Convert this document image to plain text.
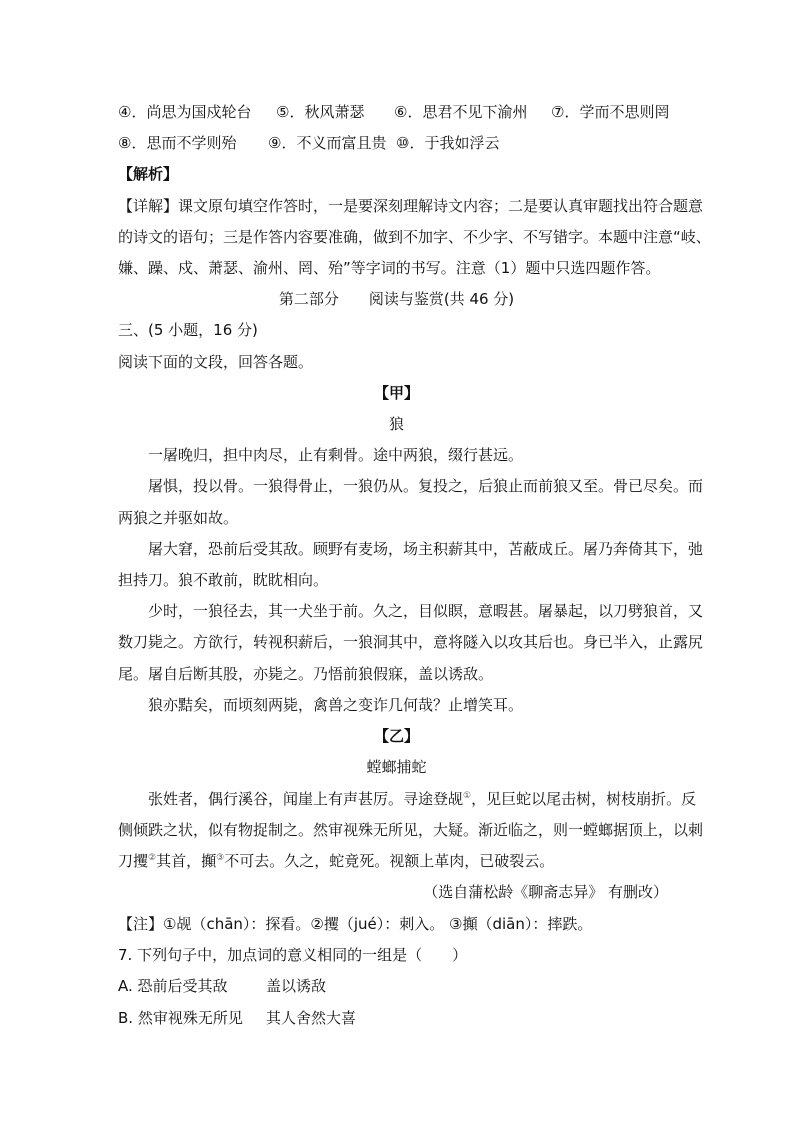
④．尚思为国戍轮台	⑤．秋风萧瑟	⑥．思君不见下渝州	⑦．学而不思则罔
⑧．思而不学则殆	⑨．不义而富且贵 ⑩．于我如浮云
【解析】
【详解】课文原句填空作答时，一是要深刻理解诗文内容；二是要认真审题找出符合题意
的诗文的语句；三是作答内容要准确，做到不加字、不少字、不写错字。本题中注意“岐、
嫌、躁、戍、萧瑟、渝州、罔、殆”等字词的书写。注意（1）题中只选四题作答。
第二部分　　阅读与鉴赏(共 46 分)
三、(5 小题，16 分)
阅读下面的文段，回答各题。
【甲】
狼
一屠晚归，担中肉尽，止有剩骨。途中两狼，缀行甚远。
屠惧，投以骨。一狼得骨止，一狼仍从。复投之，后狼止而前狼又至。骨已尽矣。而
两狼之并驱如故。
屠大窘，恐前后受其敌。顾野有麦场，场主积薪其中，苫蔽成丘。屠乃奔倚其下，弛
担持刀。狼不敢前，眈眈相向。
少时，一狼径去，其一犬坐于前。久之，目似瞑，意暇甚。屠暴起，以刀劈狼首，又
数刀毙之。方欲行，转视积薪后，一狼洞其中，意将隧入以攻其后也。身已半入，止露尻
尾。屠自后断其股，亦毙之。乃悟前狼假寐，盖以诱敌。
狼亦黠矣，而顷刻两毙，禽兽之变诈几何哉？止增笑耳。
【乙】
螳螂捕蛇
张姓者，偶行溪谷，闻崖上有声甚厉。寻途登觇①，见巨蛇以尾击树，树枝崩折。反
侧倾跌之状，似有物捉制之。然审视殊无所见，大疑。渐近临之，则一螳螂据顶上，以刺
刀攫②其首，攧③不可去。久之，蛇竟死。视额上革肉，已破裂云。
（选自蒲松龄《聊斋志异》 有删改）
【注】①觇（chān）：探看。②攫（jué）：刺入。 ③攧（diān）：摔跌。
7. 下列句子中，加点词的意义相同的一组是（　　）
A. 恐前后受其敌	盖以诱敌
B. 然审视殊无所见 其人舍然大喜
